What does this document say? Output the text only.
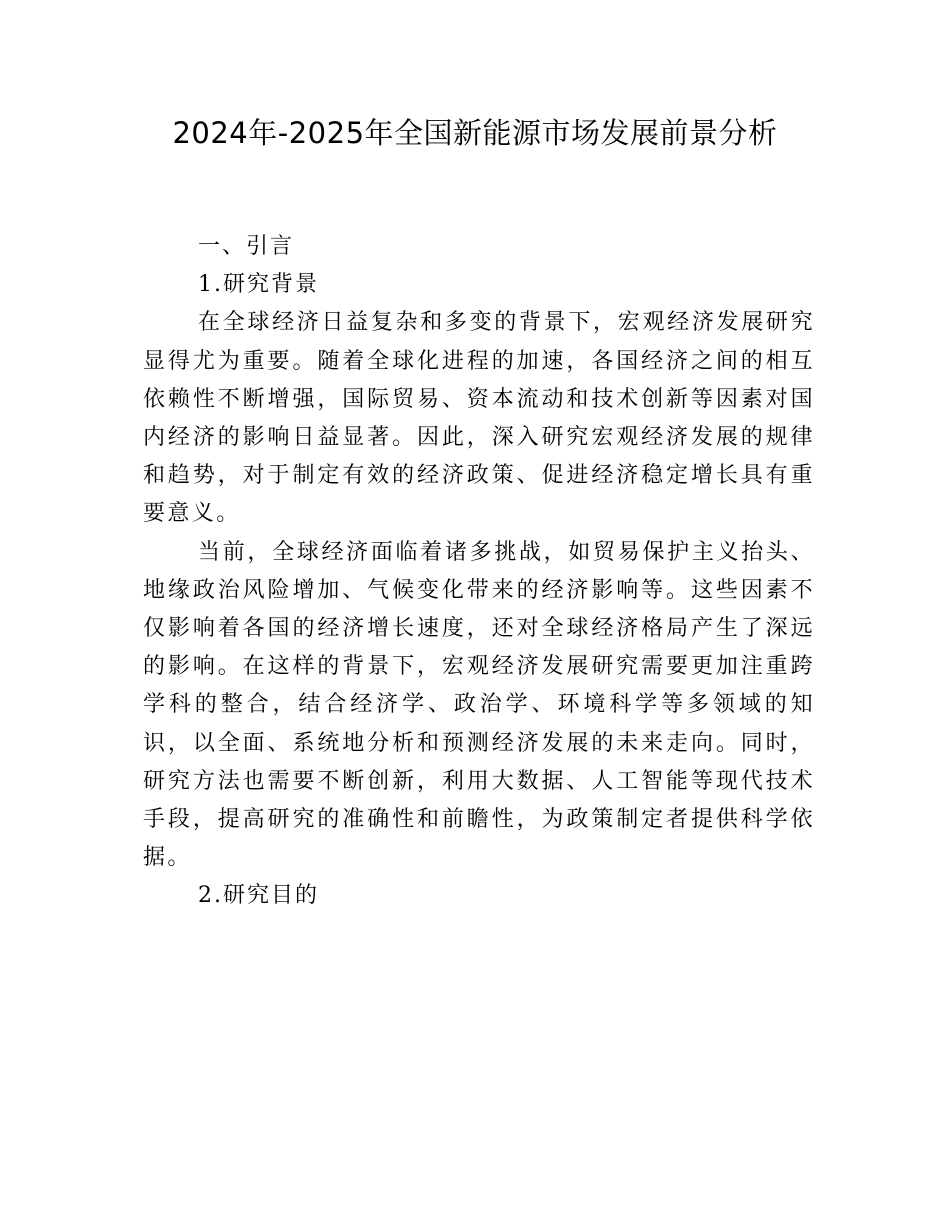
2024年-2025年全国新能源市场发展前景分析
一、引言
1.研究背景

在全球经济日益复杂和多变的背景下，宏观经济发展研究显得尤为重要。随着全球化进程的加速，各国经济之间的相互依赖性不断增强，国际贸易、资本流动和技术创新等因素对国内经济的影响日益显著。因此，深入研究宏观经济发展的规律和趋势，对于制定有效的经济政策、促进经济稳定增长具有重要意义。

当前，全球经济面临着诸多挑战，如贸易保护主义抬头、地缘政治风险增加、气候变化带来的经济影响等。这些因素不仅影响着各国的经济增长速度，还对全球经济格局产生了深远的影响。在这样的背景下，宏观经济发展研究需要更加注重跨学科的整合，结合经济学、政治学、环境科学等多领域的知识，以全面、系统地分析和预测经济发展的未来走向。同时，研究方法也需要不断创新，利用大数据、人工智能等现代技术手段，提高研究的准确性和前瞻性，为政策制定者提供科学依据。

2.研究目的
